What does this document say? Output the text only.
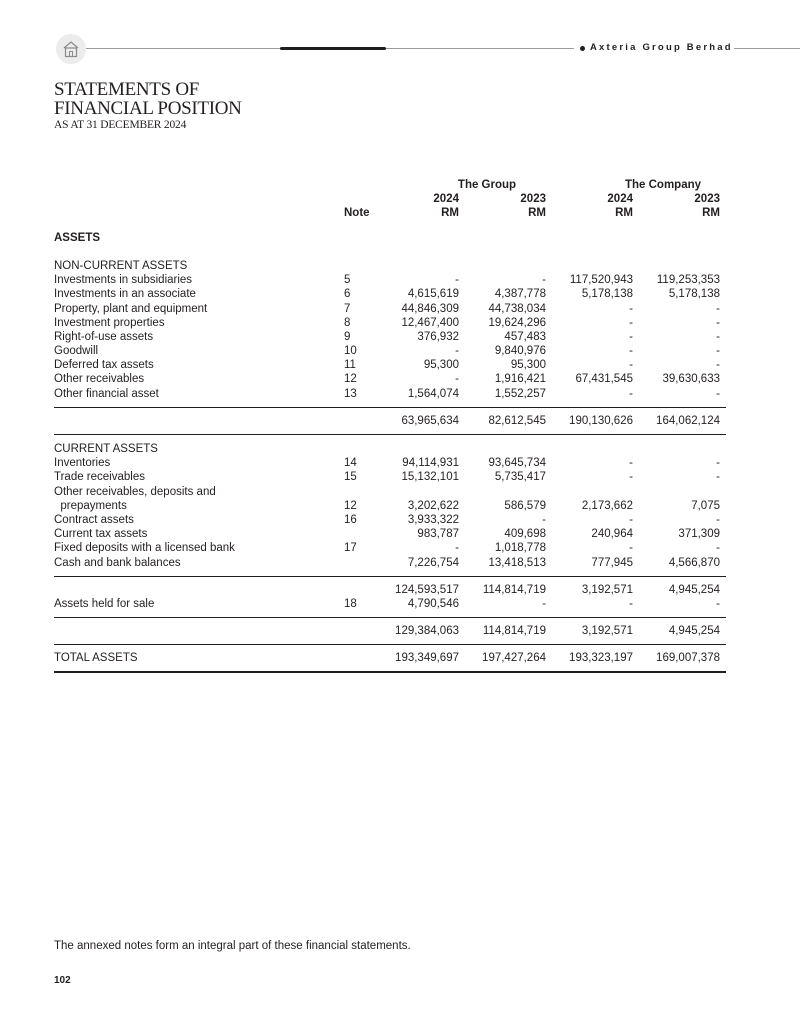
Axteria Group Berhad
STATEMENTS OF
FINANCIAL POSITION
AS AT 31 DECEMBER 2024
The Group	The Company
2024	2023	2024	2023
Note	RM	RM	RM	RM
ASSETS
NON-CURRENT ASSETS
Investments in subsidiaries	5	-	-	117,520,943	119,253,353
Investments in an associate	6	4,615,619	4,387,778	5,178,138	5,178,138
Property, plant and equipment	7	44,846,309	44,738,034	-	-
Investment properties	8	12,467,400	19,624,296	-	-
Right-of-use assets	9	376,932	457,483	-	-
Goodwill	10	-	9,840,976	-	-
Deferred tax assets	11	95,300	95,300	-	-
Other receivables	12	-	1,916,421	67,431,545	39,630,633
Other financial asset	13	1,564,074	1,552,257	-	-
63,965,634	82,612,545	190,130,626	164,062,124
CURRENT ASSETS
Inventories	14	94,114,931	93,645,734	-	-
Trade receivables	15	15,132,101	5,735,417	-	-
Other receivables, deposits and
prepayments	12	3,202,622	586,579	2,173,662	7,075
Contract assets	16	3,933,322	-	-	-
Current tax assets	983,787	409,698	240,964	371,309
Fixed deposits with a licensed bank	17	-	1,018,778	-	-
Cash and bank balances	7,226,754	13,418,513	777,945	4,566,870
124,593,517	114,814,719	3,192,571	4,945,254
Assets held for sale	18	4,790,546	-	-	-
129,384,063	114,814,719	3,192,571	4,945,254
TOTAL ASSETS	193,349,697	197,427,264	193,323,197	169,007,378
The annexed notes form an integral part of these financial statements.
102
